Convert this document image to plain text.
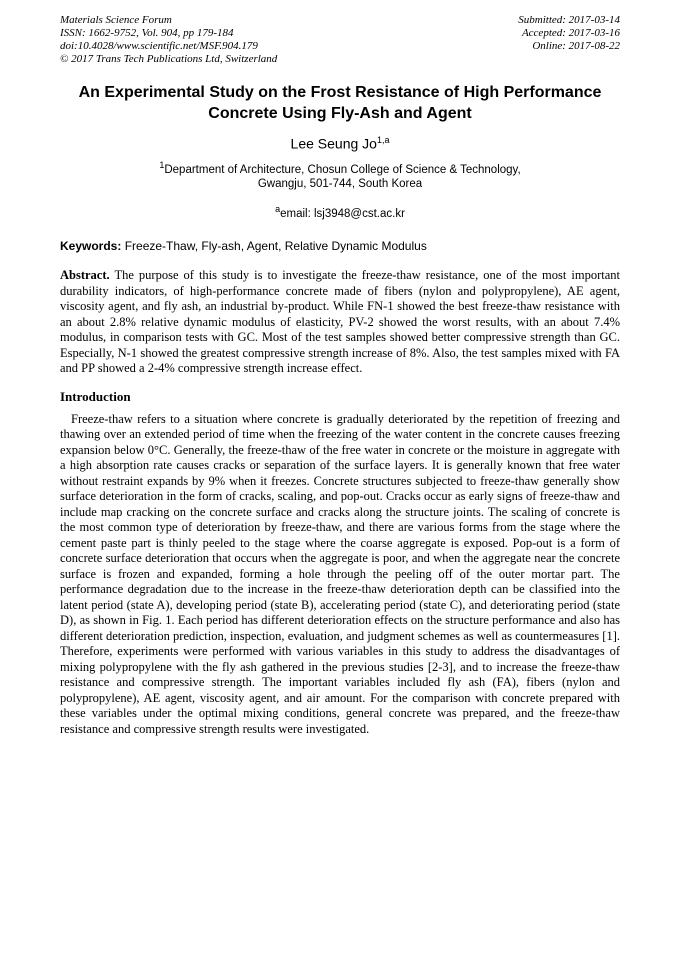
Materials Science Forum
ISSN: 1662-9752, Vol. 904, pp 179-184
doi:10.4028/www.scientific.net/MSF.904.179
© 2017 Trans Tech Publications Ltd, Switzerland
Submitted: 2017-03-14
Accepted: 2017-03-16
Online: 2017-08-22
An Experimental Study on the Frost Resistance of High Performance
Concrete Using Fly-Ash and Agent
Lee Seung Jo$^{1,a}$
$^1$Department of Architecture, Chosun College of Science & Technology,
Gwangju, 501-744, South Korea
$^a$email: lsj3948@cst.ac.kr
Keywords: Freeze-Thaw, Fly-ash, Agent, Relative Dynamic Modulus
Abstract. The purpose of this study is to investigate the freeze-thaw resistance, one of the most important durability indicators, of high-performance concrete made of fibers (nylon and polypropylene), AE agent, viscosity agent, and fly ash, an industrial by-product. While FN-1 showed the best freeze-thaw resistance with an about 2.8% relative dynamic modulus of elasticity, PV-2 showed the worst results, with an about 7.4% modulus, in comparison tests with GC. Most of the test samples showed better compressive strength than GC. Especially, N-1 showed the greatest compressive strength increase of 8%. Also, the test samples mixed with FA and PP showed a 2-4% compressive strength increase effect.
Introduction
Freeze-thaw refers to a situation where concrete is gradually deteriorated by the repetition of freezing and thawing over an extended period of time when the freezing of the water content in the concrete causes freezing expansion below 0°C. Generally, the freeze-thaw of the free water in concrete or the moisture in aggregate with a high absorption rate causes cracks or separation of the surface layers. It is generally known that free water without restraint expands by 9% when it freezes. Concrete structures subjected to freeze-thaw generally show surface deterioration in the form of cracks, scaling, and pop-out. Cracks occur as early signs of freeze-thaw and include map cracking on the concrete surface and cracks along the structure joints. The scaling of concrete is the most common type of deterioration by freeze-thaw, and there are various forms from the stage where the cement paste part is thinly peeled to the stage where the coarse aggregate is exposed. Pop-out is a form of concrete surface deterioration that occurs when the aggregate is poor, and when the aggregate near the concrete surface is frozen and expanded, forming a hole through the peeling off of the outer mortar part. The performance degradation due to the increase in the freeze-thaw deterioration depth can be classified into the latent period (state A), developing period (state B), accelerating period (state C), and deteriorating period (state D), as shown in Fig. 1. Each period has different deterioration effects on the structure performance and also has different deterioration prediction, inspection, evaluation, and judgment schemes as well as countermeasures [1]. Therefore, experiments were performed with various variables in this study to address the disadvantages of mixing polypropylene with the fly ash gathered in the previous studies [2-3], and to increase the freeze-thaw resistance and compressive strength. The important variables included fly ash (FA), fibers (nylon and polypropylene), AE agent, viscosity agent, and air amount. For the comparison with concrete prepared with these variables under the optimal mixing conditions, general concrete was prepared, and the freeze-thaw resistance and compressive strength results were investigated.
